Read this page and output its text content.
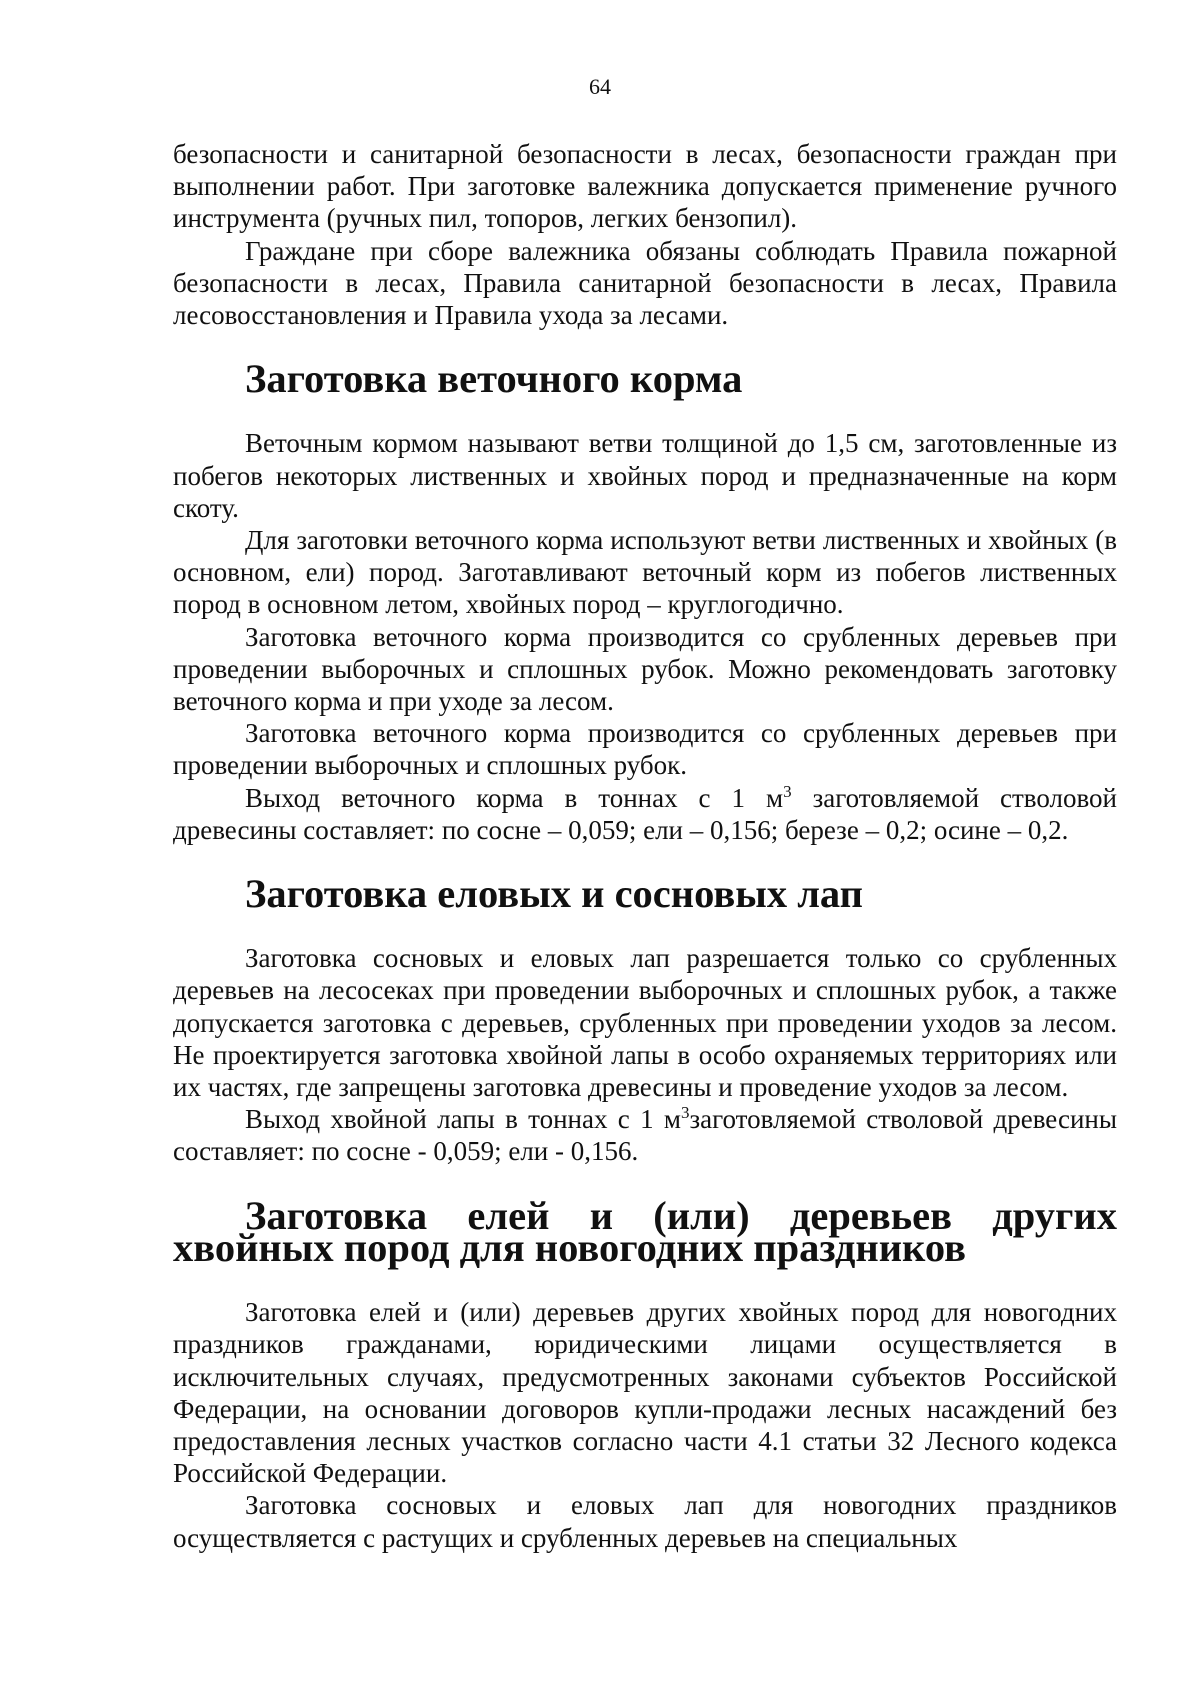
64

безопасности и санитарной безопасности в лесах, безопасности граждан при выполнении работ. При заготовке валежника допускается применение ручного инструмента (ручных пил, топоров, легких бензопил).

Граждане при сборе валежника обязаны соблюдать Правила пожарной безопасности в лесах, Правила санитарной безопасности в лесах, Правила лесовосстановления и Правила ухода за лесами.

Заготовка веточного корма

Веточным кормом называют ветви толщиной до 1,5 см, заготовленные из побегов некоторых лиственных и хвойных пород и предназначенные на корм скоту.

Для заготовки веточного корма используют ветви лиственных и хвойных (в основном, ели) пород. Заготавливают веточный корм из побегов лиственных пород в основном летом, хвойных пород – круглогодично.

Заготовка веточного корма производится со срубленных деревьев при проведении выборочных и сплошных рубок. Можно рекомендовать заготовку веточного корма и при уходе за лесом.

Заготовка веточного корма производится со срубленных деревьев при проведении выборочных и сплошных рубок.

Выход веточного корма в тоннах с 1 $м^3$ заготовляемой стволовой древесины составляет: по сосне – 0,059; ели – 0,156; березе – 0,2; осине – 0,2.

Заготовка еловых и сосновых лап

Заготовка сосновых и еловых лап разрешается только со срубленных деревьев на лесосеках при проведении выборочных и сплошных рубок, а также допускается заготовка с деревьев, срубленных при проведении уходов за лесом. Не проектируется заготовка хвойной лапы в особо охраняемых территориях или их частях, где запрещены заготовка древесины и проведение уходов за лесом.

Выход хвойной лапы в тоннах с 1 $м^3заготовляемой$ стволовой древесины составляет: по сосне - 0,059; ели - 0,156.

Заготовка елей и (или) деревьев других хвойных пород для новогодних праздников

Заготовка елей и (или) деревьев других хвойных пород для новогодних праздников гражданами, юридическими лицами осуществляется в исключительных случаях, предусмотренных законами субъектов Российской Федерации, на основании договоров купли-продажи лесных насаждений без предоставления лесных участков согласно части 4.1 статьи 32 Лесного кодекса Российской Федерации.

Заготовка сосновых и еловых лап для новогодних праздников осуществляется с растущих и срубленных деревьев на специальных
